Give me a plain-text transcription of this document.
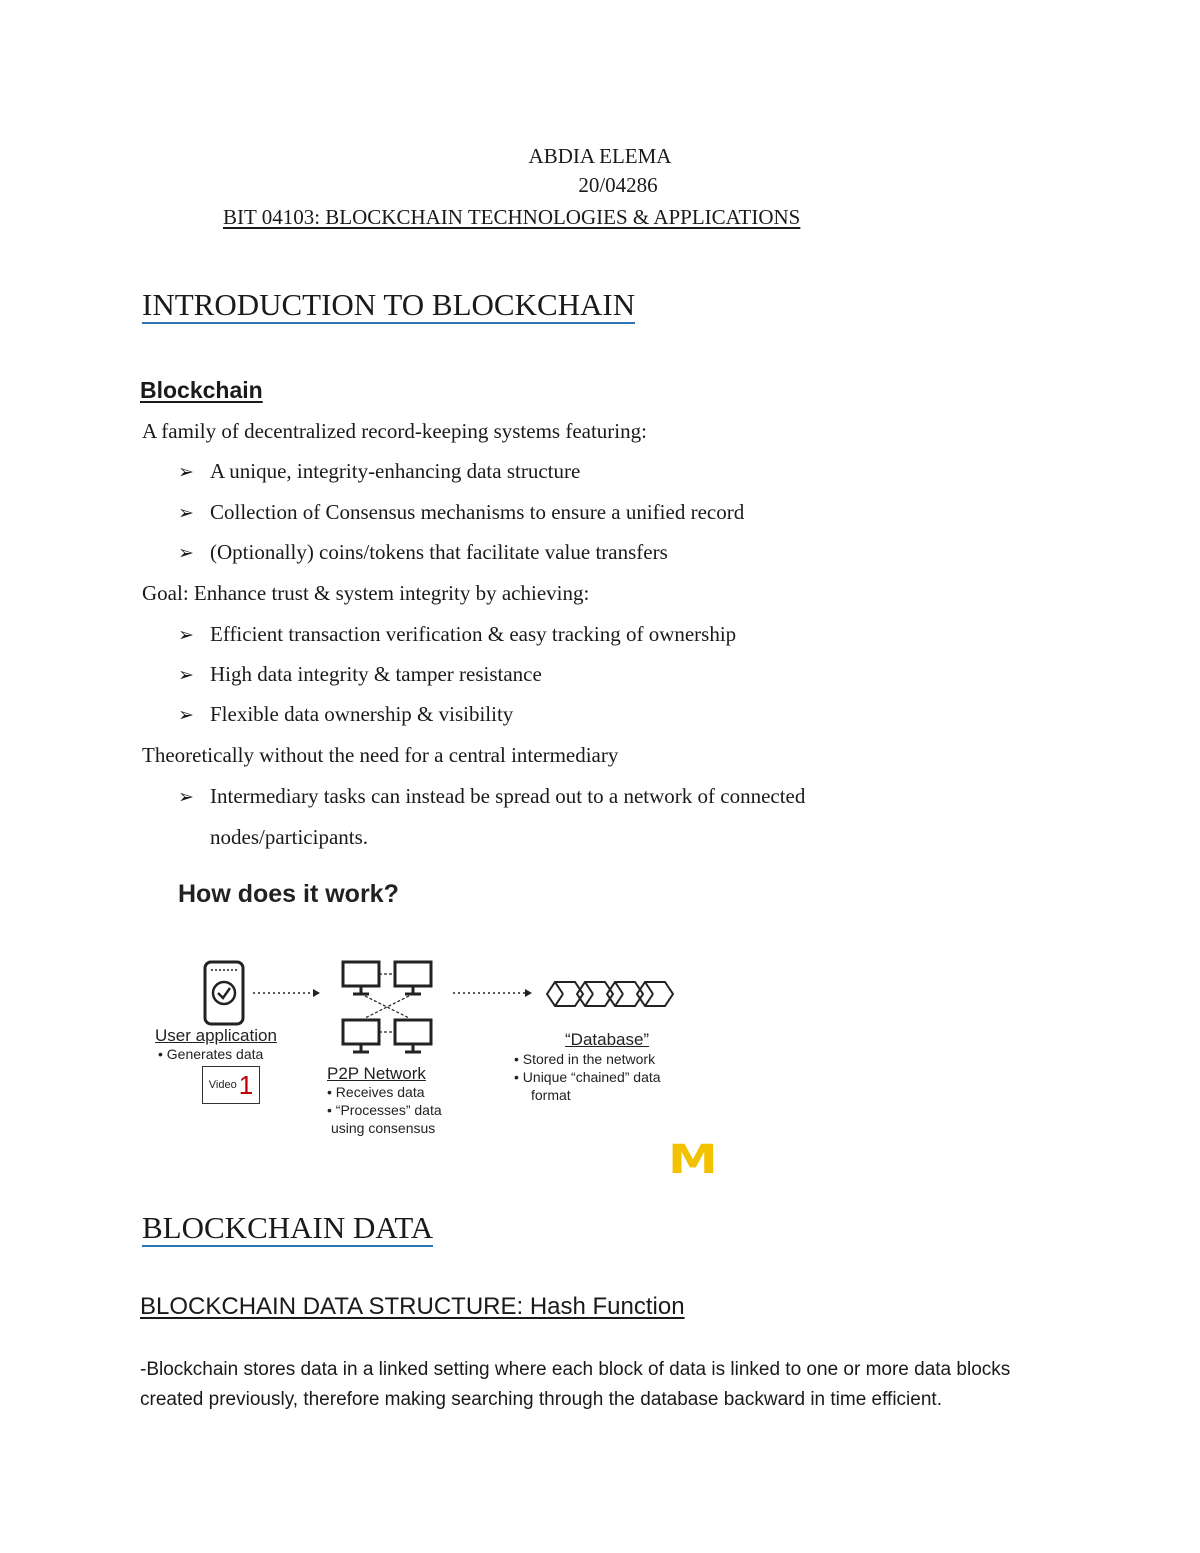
ABDIA ELEMA
20/04286
BIT 04103: BLOCKCHAIN TECHNOLOGIES & APPLICATIONS
INTRODUCTION TO BLOCKCHAIN
Blockchain
A family of decentralized record-keeping systems featuring:
➢ A unique, integrity-enhancing data structure
➢ Collection of Consensus mechanisms to ensure a unified record
➢ (Optionally) coins/tokens that facilitate value transfers
Goal: Enhance trust & system integrity by achieving:
➢ Efficient transaction verification & easy tracking of ownership
➢ High data integrity & tamper resistance
➢ Flexible data ownership & visibility
Theoretically without the need for a central intermediary
➢ Intermediary tasks can instead be spread out to a network of connected
nodes/participants.
How does it work?
User application
• Generates data
Video 1	P2P Network
• Receives data
• “Processes” data
using consensus
“Database”
• Stored in the network
• Unique “chained” data
format
M
BLOCKCHAIN DATA
BLOCKCHAIN DATA STRUCTURE: Hash Function
-Blockchain stores data in a linked setting where each block of data is linked to one or more data blocks
created previously, therefore making searching through the database backward in time efficient.
